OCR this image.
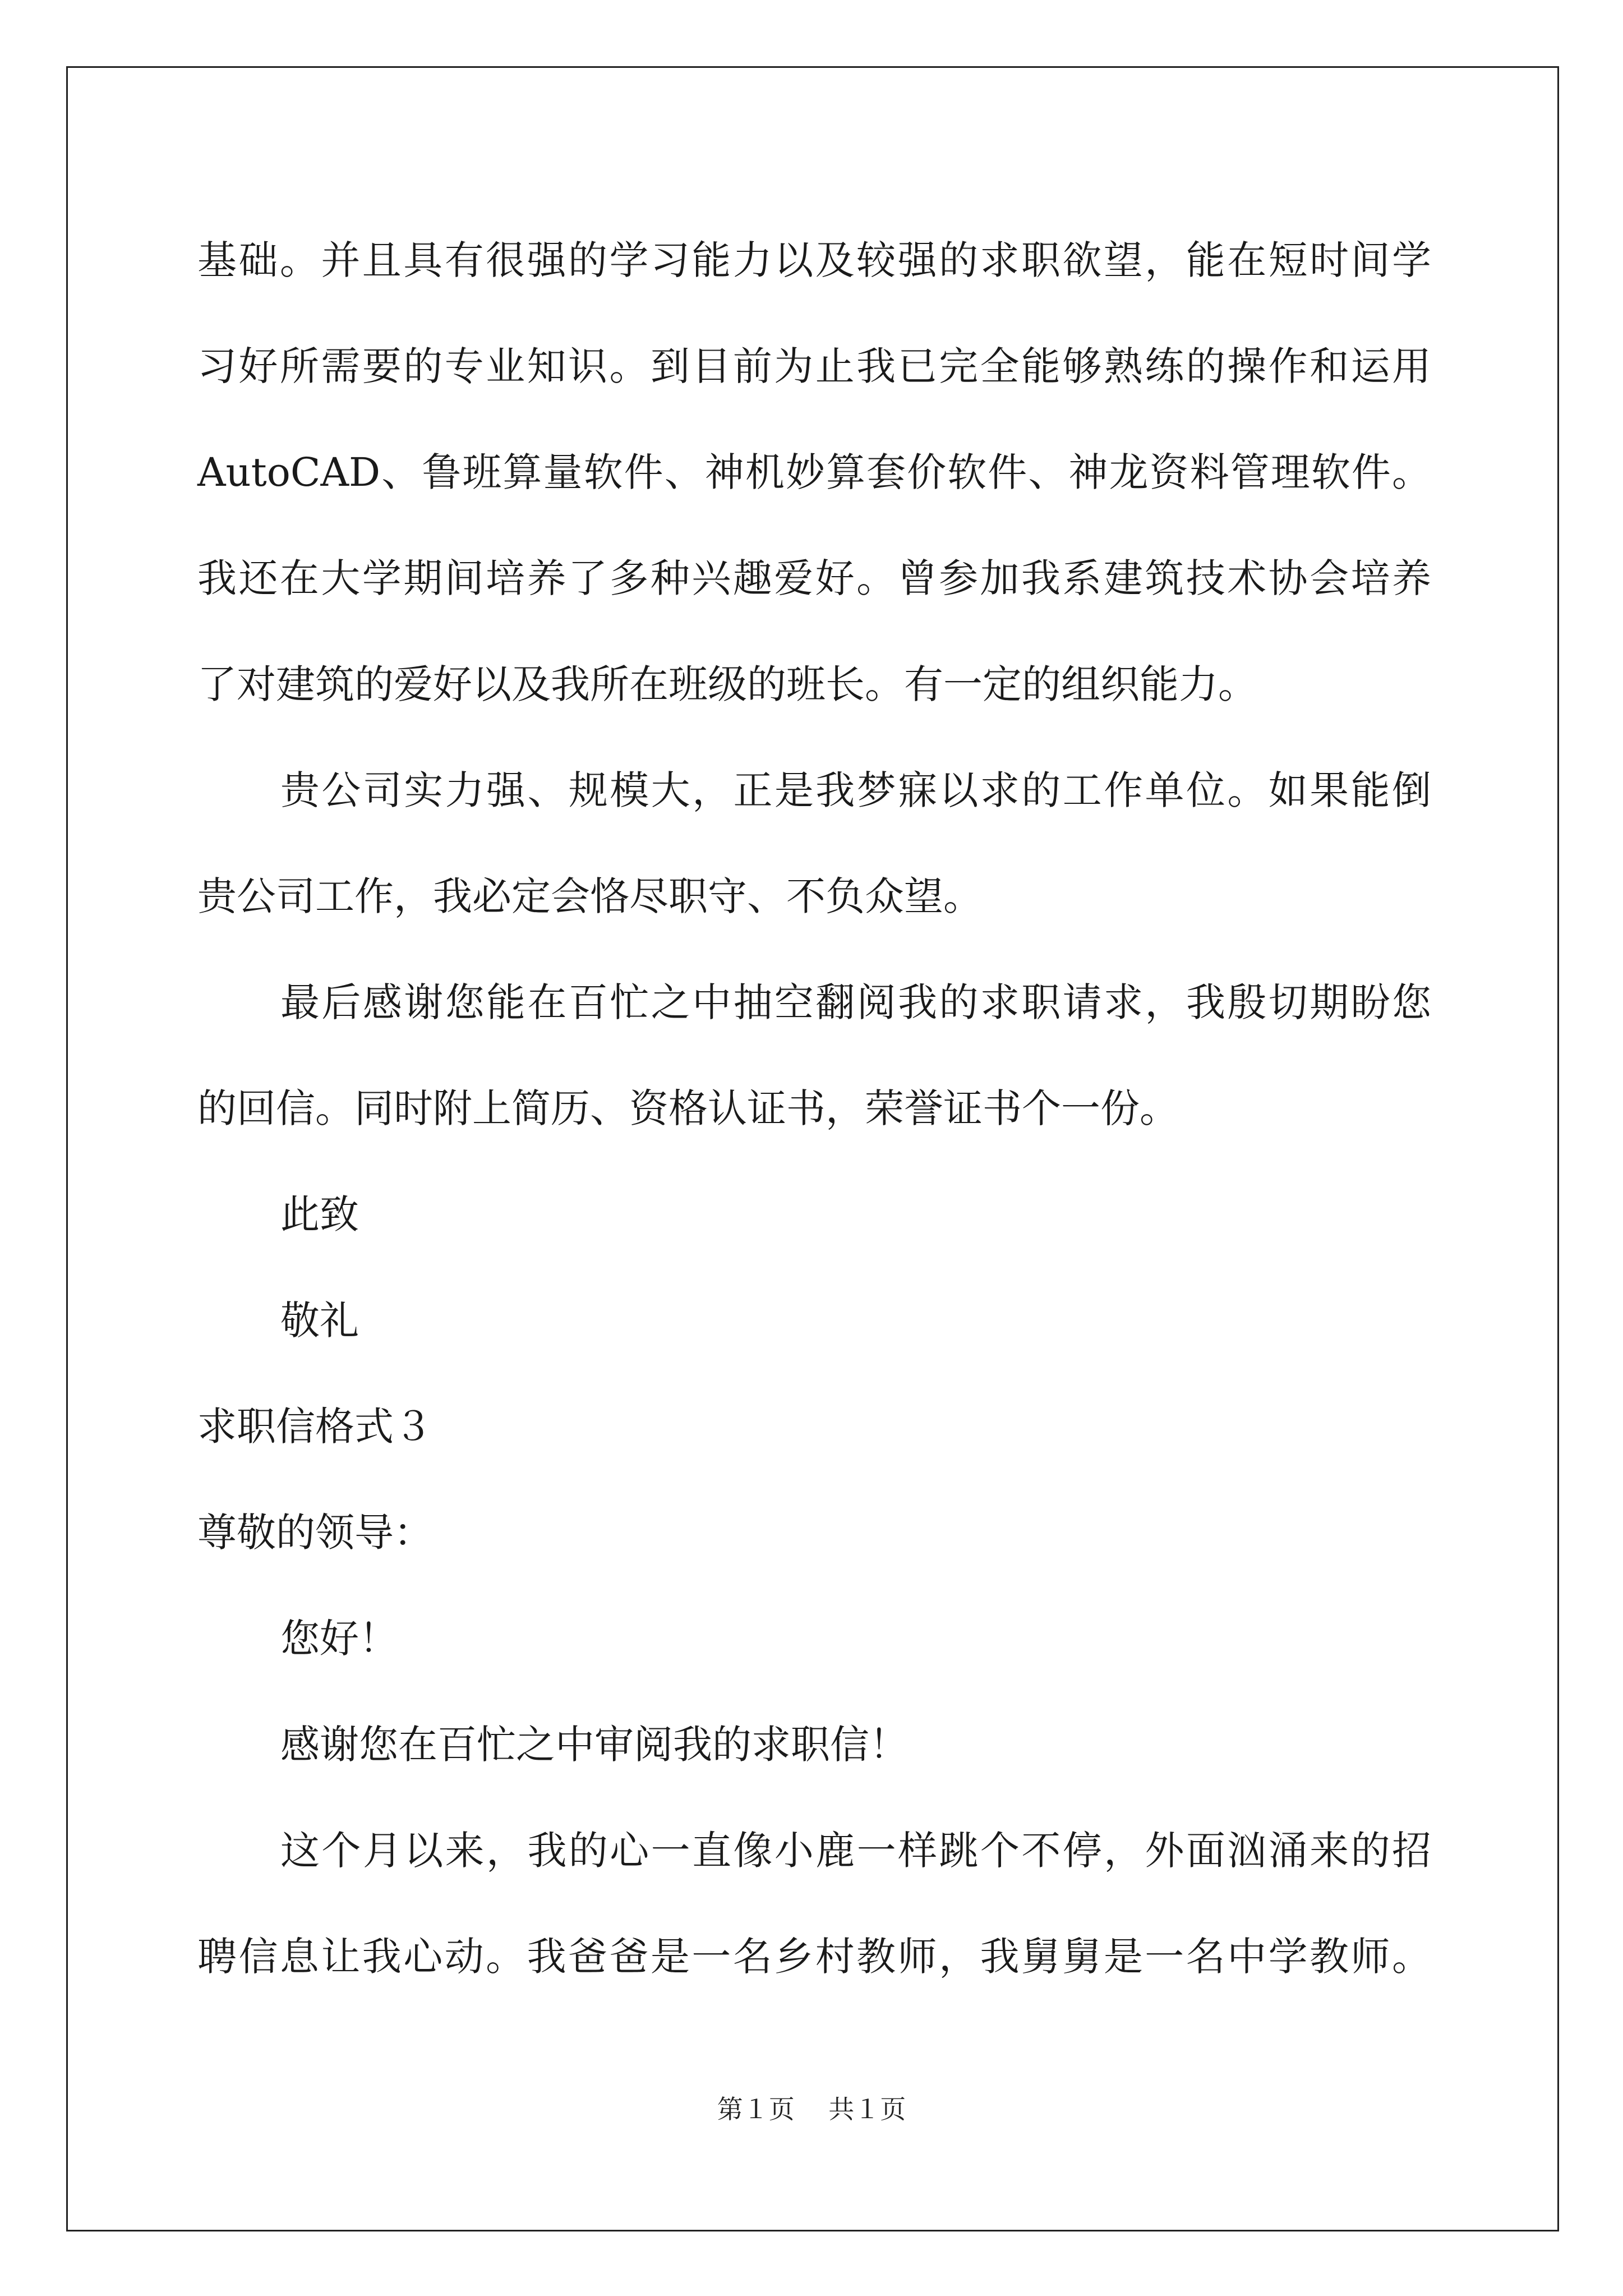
基础。并且具有很强的学习能力以及较强的求职欲望，能在短时间学
习好所需要的专业知识。到目前为止我已完全能够熟练的操作和运用
AutoCAD、鲁班算量软件、神机妙算套价软件、神龙资料管理软件。
我还在大学期间培养了多种兴趣爱好。曾参加我系建筑技术协会培养
了对建筑的爱好以及我所在班级的班长。有一定的组织能力。
贵公司实力强、规模大，正是我梦寐以求的工作单位。如果能倒
贵公司工作，我必定会恪尽职守、不负众望。
最后感谢您能在百忙之中抽空翻阅我的求职请求，我殷切期盼您
的回信。同时附上简历、资格认证书，荣誉证书个一份。
此致
敬礼
求职信格式３
尊敬的领导：
您好！
感谢您在百忙之中审阅我的求职信！
这个月以来，我的心一直像小鹿一样跳个不停，外面汹涌来的招
聘信息让我心动。我爸爸是一名乡村教师，我舅舅是一名中学教师。
第１页　 共１页
